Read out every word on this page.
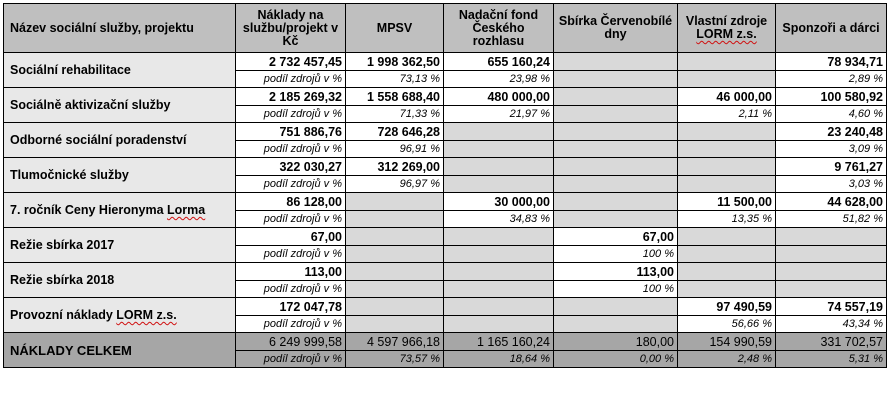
Název sociální služby, projektu	Náklady na službu/projekt v Kč	MPSV	Nadační fond Českého rozhlasu	Sbírka Červenobílé dny	Vlastní zdroje LORM z.s.	Sponzoři a dárci
Sociální rehabilitace	2 732 457,45	1 998 362,50	655 160,24			78 934,71
	podíl zdrojů v %	73,13 %	23,98 %			2,89 %
Sociálně aktivizační služby	2 185 269,32	1 558 688,40	480 000,00		46 000,00	100 580,92
	podíl zdrojů v %	71,33 %	21,97 %		2,11 %	4,60 %
Odborné sociální poradenství	751 886,76	728 646,28				23 240,48
	podíl zdrojů v %	96,91 %				3,09 %
Tlumočnické služby	322 030,27	312 269,00				9 761,27
	podíl zdrojů v %	96,97 %				3,03 %
7. ročník Ceny Hieronyma Lorma	86 128,00		30 000,00		11 500,00	44 628,00
	podíl zdrojů v %		34,83 %		13,35 %	51,82 %
Režie sbírka 2017	67,00			67,00		
	podíl zdrojů v %			100 %		
Režie sbírka 2018	113,00			113,00		
	podíl zdrojů v %			100 %		
Provozní náklady LORM z.s.	172 047,78				97 490,59	74 557,19
	podíl zdrojů v %				56,66 %	43,34 %
NÁKLADY CELKEM	6 249 999,58	4 597 966,18	1 165 160,24	180,00	154 990,59	331 702,57
	podíl zdrojů v %	73,57 %	18,64 %	0,00 %	2,48 %	5,31 %
